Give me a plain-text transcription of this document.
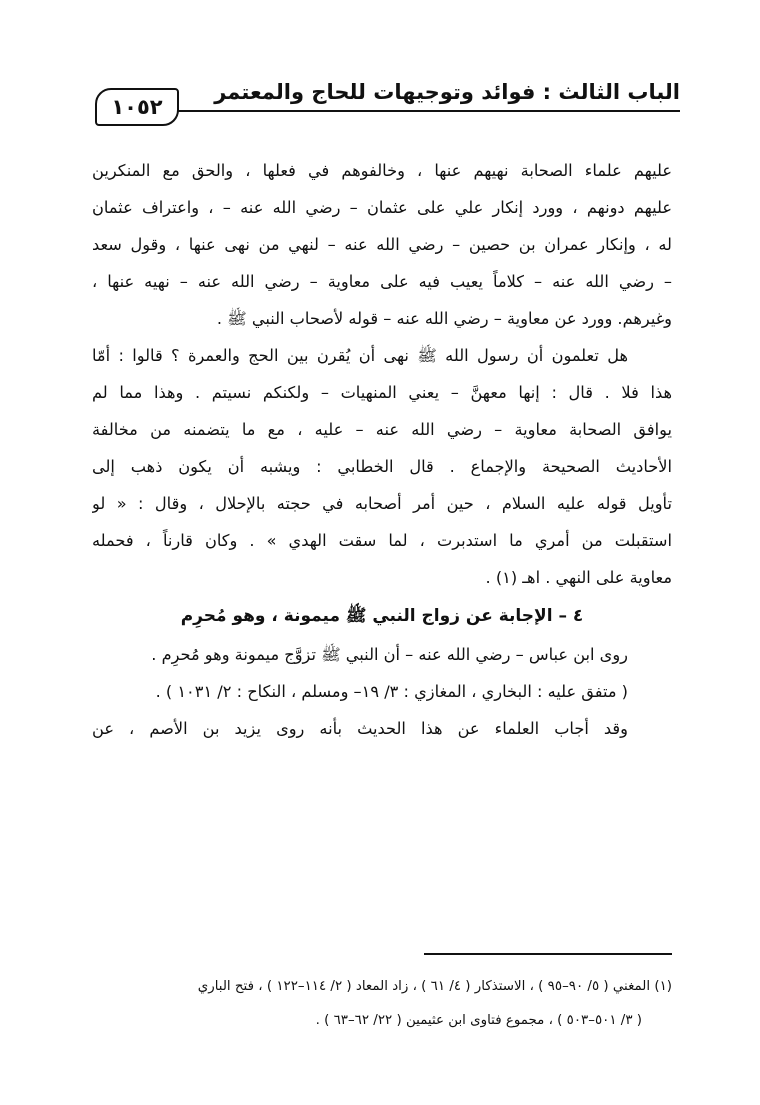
الباب الثالث : فوائد وتوجيهات للحاج والمعتمر
١٠٥٢
عليهم علماء الصحابة نهيهم عنها ، وخالفوهم في فعلها ، والحق مع المنكرين
عليهم دونهم ، وورد إنكار علي على عثمان – رضي الله عنه – ، واعتراف عثمان
له ، وإنكار عمران بن حصين – رضي الله عنه – لنهي من نهى عنها ، وقول سعد
– رضي الله عنه – كلاماً يعيب فيه على معاوية – رضي الله عنه – نهيه عنها ،
وغيرهم. وورد عن معاوية – رضي الله عنه – قوله لأصحاب النبي ﷺ .
هل تعلمون أن رسول الله ﷺ نهى أن يُقرن بين الحج والعمرة ؟ قالوا : أمّا
هذا فلا . قال : إنها معهنَّ – يعني المنهيات – ولكنكم نسيتم . وهذا مما لم
يوافق الصحابة معاوية – رضي الله عنه – عليه ، مع ما يتضمنه من مخالفة
الأحاديث الصحيحة والإجماع . قال الخطابي : ويشبه أن يكون ذهب إلى
تأويل قوله عليه السلام ، حين أمر أصحابه في حجته بالإحلال ، وقال : « لو
استقبلت من أمري ما استدبرت ، لما سقت الهدي » . وكان قارناً ، فحمله
معاوية على النهي . اهـ (١) .
٤ – الإجابة عن زواج النبي ﷺ ميمونة ، وهو مُحرِم
روى ابن عباس – رضي الله عنه – أن النبي ﷺ تزوَّج ميمونة وهو مُحرِم .
( متفق عليه : البخاري ، المغازي : ٣/ ١٩– ومسلم ، النكاح : ٢/ ١٠٣١ ) .
وقد أجاب العلماء عن هذا الحديث بأنه روى يزيد بن الأصم ، عن
(١) المغني ( ٥/ ٩٠–٩٥ ) ، الاستذكار ( ٤/ ٦١ ) ، زاد المعاد ( ٢/ ١١٤–١٢٢ ) ، فتح الباري
( ٣/ ٥٠١–٥٠٣ ) ، مجموع فتاوى ابن عثيمين ( ٢٢/ ٦٢–٦٣ ) .
